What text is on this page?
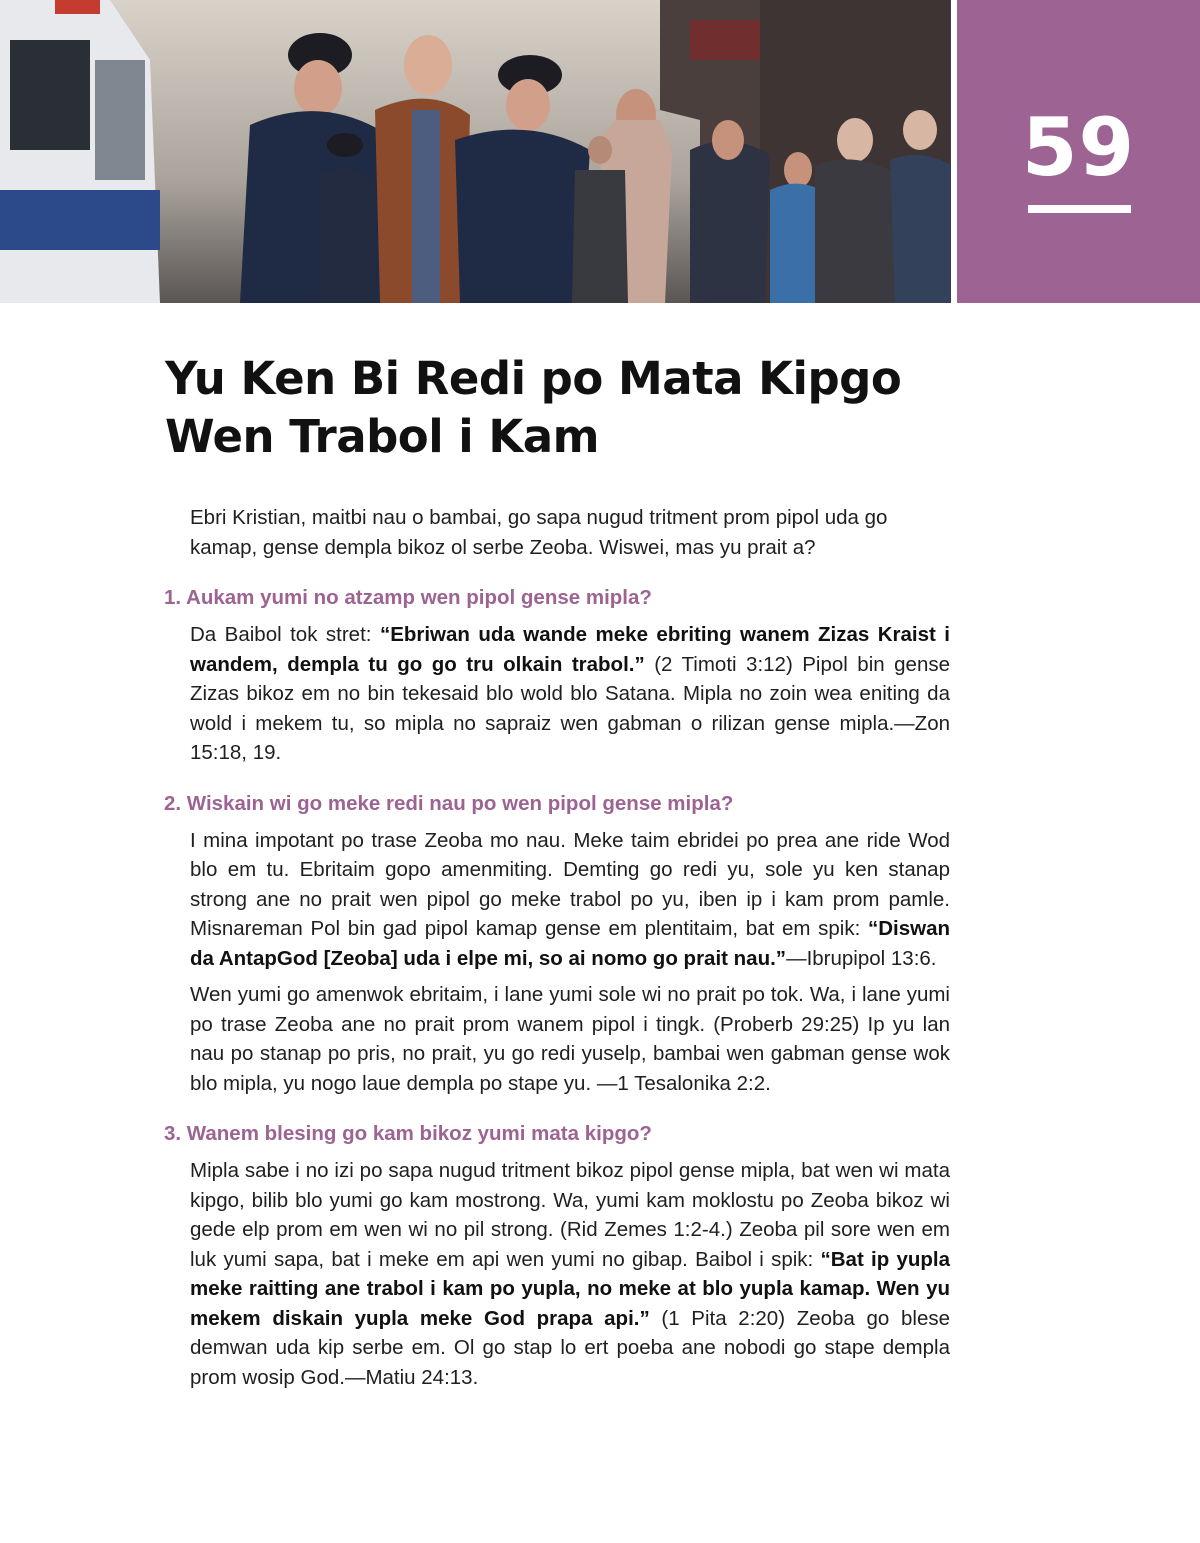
59
Yu Ken Bi Redi po Mata Kipgo
Wen Trabol i Kam

Ebri Kristian, maitbi nau o bambai, go sapa nugud tritment prom pipol uda go kamap, gense dempla bikoz ol serbe Zeoba. Wiswei, mas yu prait a?

1. Aukam yumi no atzamp wen pipol gense mipla?

Da Baibol tok stret: “Ebriwan uda wande meke ebriting wanem Zizas Kraist i wandem, dempla tu go go tru olkain trabol.” (2 Timoti 3:12) Pipol bin gense Zizas bikoz em no bin tekesaid blo wold blo Satana. Mipla no zoin wea eniting da wold i mekem tu, so mipla no sapraiz wen gabman o rilizan gense mipla.—Zon 15:18, 19.

2. Wiskain wi go meke redi nau po wen pipol gense mipla?

I mina impotant po trase Zeoba mo nau. Meke taim ebridei po prea ane ride Wod blo em tu. Ebritaim gopo amenmiting. Demting go redi yu, sole yu ken stanap strong ane no prait wen pipol go meke trabol po yu, iben ip i kam prom pamle. Misnareman Pol bin gad pipol kamap gense em plentitaim, bat em spik: “Diswan da AntapGod [Zeoba] uda i elpe mi, so ai nomo go prait nau.”—Ibrupipol 13:6.

Wen yumi go amenwok ebritaim, i lane yumi sole wi no prait po tok. Wa, i lane yumi po trase Zeoba ane no prait prom wanem pipol i tingk. (Proberb 29:25) Ip yu lan nau po stanap po pris, no prait, yu go redi yuselp, bambai wen gabman gense wok blo mipla, yu nogo laue dempla po stape yu. —1 Tesalonika 2:2.

3. Wanem blesing go kam bikoz yumi mata kipgo?

Mipla sabe i no izi po sapa nugud tritment bikoz pipol gense mipla, bat wen wi mata kipgo, bilib blo yumi go kam mostrong. Wa, yumi kam moklostu po Zeoba bikoz wi gede elp prom em wen wi no pil strong. (Rid Zemes 1:2-4.) Zeoba pil sore wen em luk yumi sapa, bat i meke em api wen yumi no gibap. Baibol i spik: “Bat ip yupla meke raitting ane trabol i kam po yupla, no meke at blo yupla kamap. Wen yu mekem diskain yupla meke God prapa api.” (1 Pita 2:20) Zeoba go blese demwan uda kip serbe em. Ol go stap lo ert poeba ane nobodi go stape dempla prom wosip God.—Matiu 24:13.
